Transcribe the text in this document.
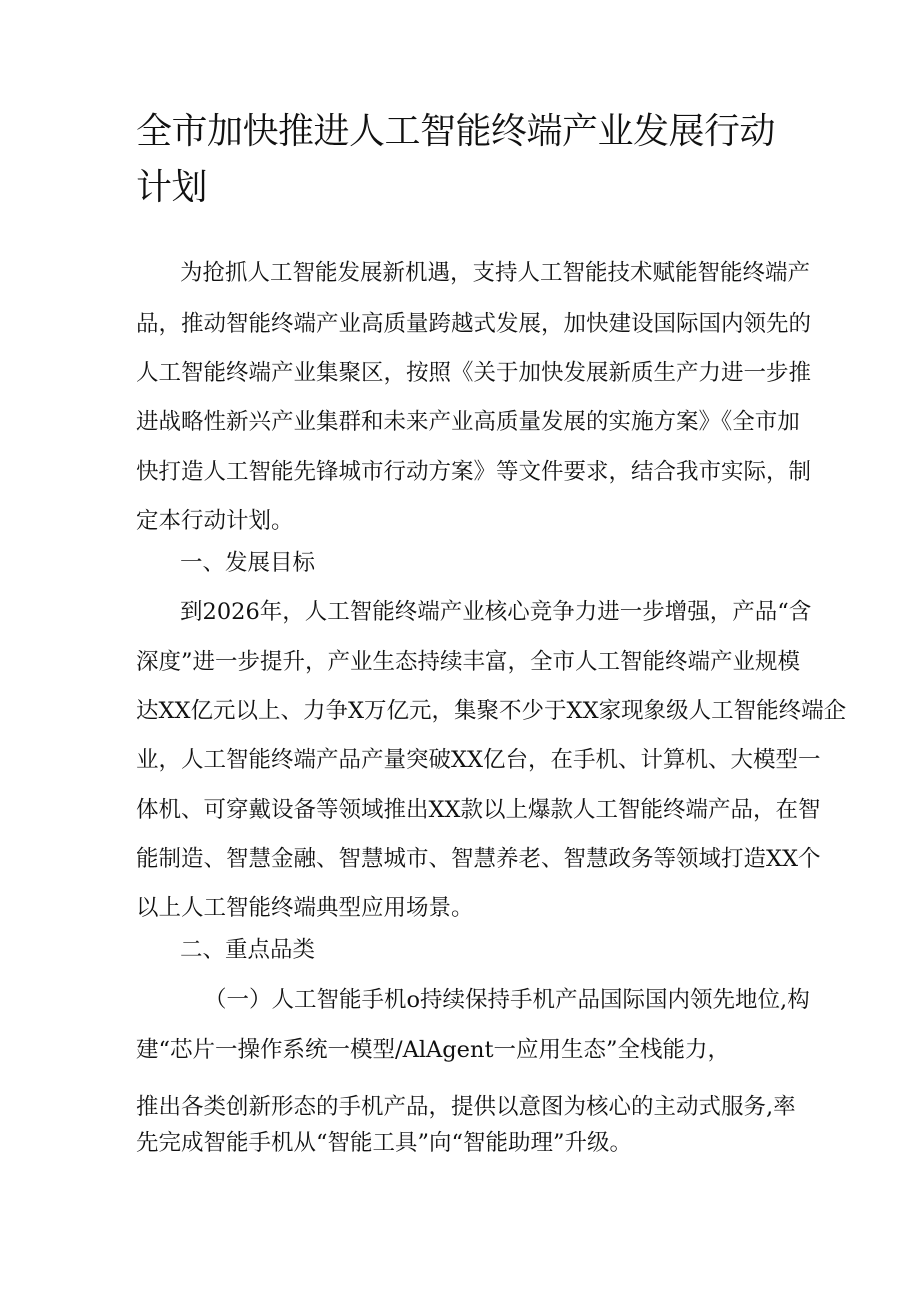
全市加快推进人工智能终端产业发展行动计划

为抢抓人工智能发展新机遇，支持人工智能技术赋能智能终端产

品，推动智能终端产业高质量跨越式发展，加快建设国际国内领先的

人工智能终端产业集聚区，按照《关于加快发展新质生产力进一步推

进战略性新兴产业集群和未来产业高质量发展的实施方案》《全市加

快打造人工智能先锋城市行动方案》等文件要求，结合我市实际，制

定本行动计划。

一、发展目标

到2026年，人工智能终端产业核心竞争力进一步增强，产品“含

深度”进一步提升，产业生态持续丰富，全市人工智能终端产业规模

达XX亿元以上、力争X万亿元，集聚不少于XX家现象级人工智能终端企

业，人工智能终端产品产量突破XX亿台，在手机、计算机、大模型一

体机、可穿戴设备等领域推出XX款以上爆款人工智能终端产品，在智

能制造、智慧金融、智慧城市、智慧养老、智慧政务等领域打造XX个

以上人工智能终端典型应用场景。

二、重点品类

（一）人工智能手机o持续保持手机产品国际国内领先地位,构

建“芯片一操作系统一模型/AlAgent一应用生态”全栈能力，

推出各类创新形态的手机产品，提供以意图为核心的主动式服务,率

先完成智能手机从“智能工具”向“智能助理”升级。
